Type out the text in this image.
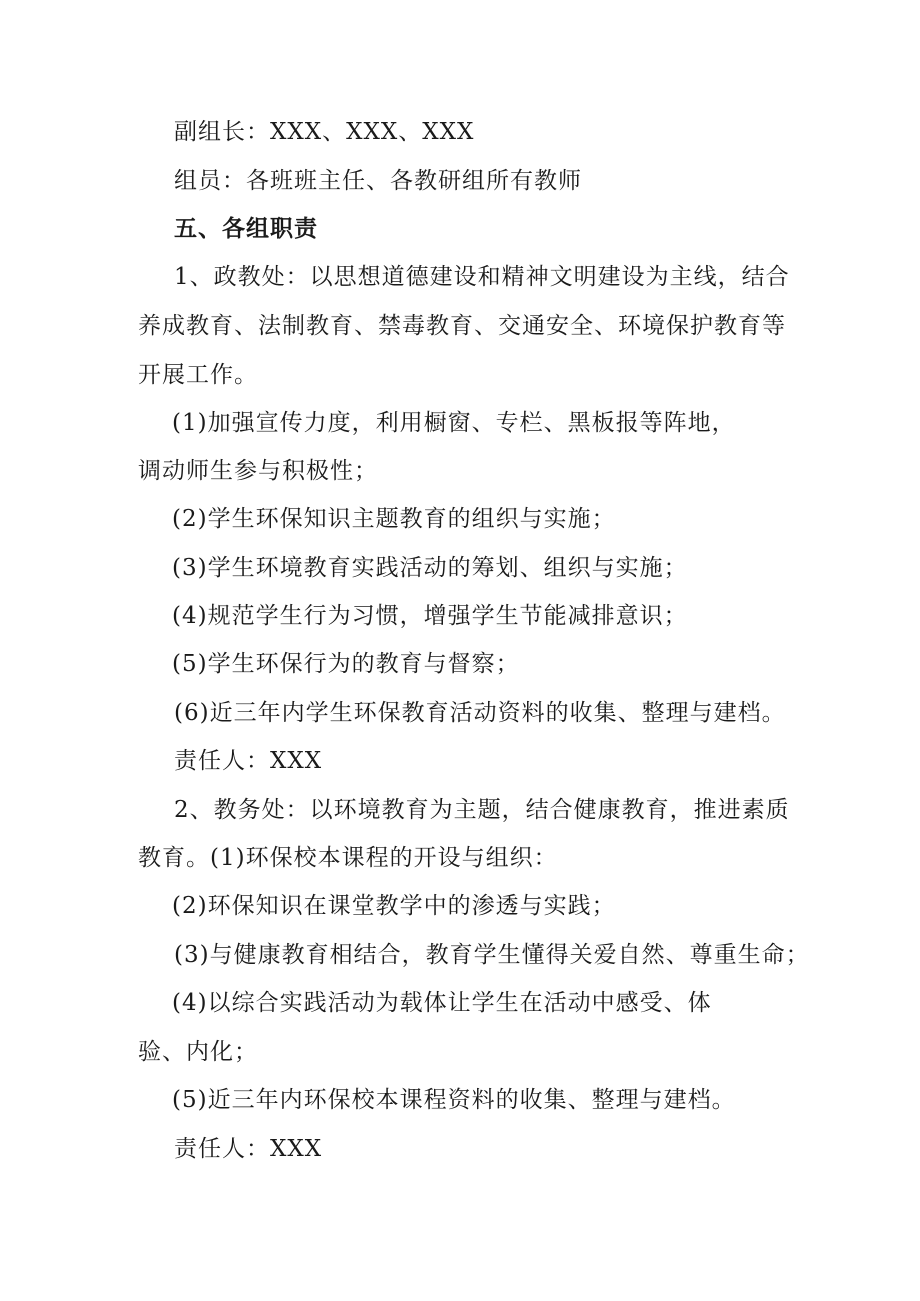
副组长：XXX、XXX、XXX
组员：各班班主任、各教研组所有教师
五、各组职责
1、政教处：以思想道德建设和精神文明建设为主线，结合
养成教育、法制教育、禁毒教育、交通安全、环境保护教育等
开展工作。
(1)加强宣传力度，利用橱窗、专栏、黑板报等阵地，
调动师生参与积极性；
(2)学生环保知识主题教育的组织与实施；
(3)学生环境教育实践活动的筹划、组织与实施；
(4)规范学生行为习惯，增强学生节能减排意识；
(5)学生环保行为的教育与督察；
(6)近三年内学生环保教育活动资料的收集、整理与建档。
责任人：XXX
2、教务处：以环境教育为主题，结合健康教育，推进素质
教育。(1)环保校本课程的开设与组织：
(2)环保知识在课堂教学中的渗透与实践；
(3)与健康教育相结合，教育学生懂得关爱自然、尊重生命；
(4)以综合实践活动为载体让学生在活动中感受、体
验、内化；
(5)近三年内环保校本课程资料的收集、整理与建档。
责任人：XXX
